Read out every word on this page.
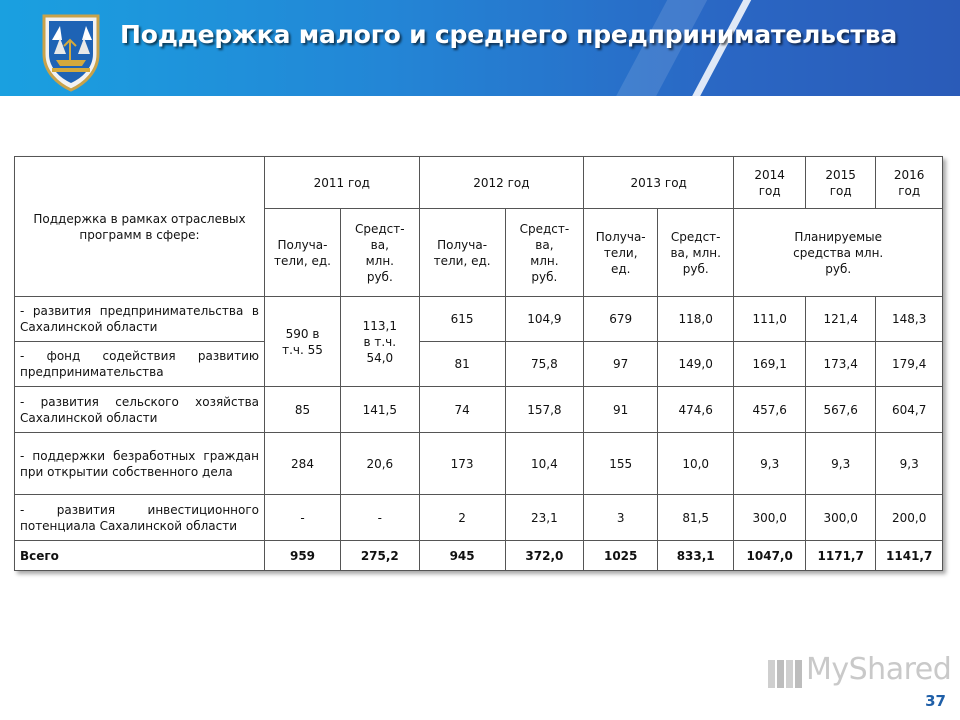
Поддержка малого и среднего предпринимательства
Поддержка в рамках отраслевых программ в сфере:	2011 год		2012 год		2013 год		2014 год	2015 год	2016 год
	Получа-тели, ед.	Средст-ва, млн. руб.	Получа-тели, ед.	Средст-ва, млн. руб.	Получа-тели, ед.	Средст-ва, млн. руб.	Планируемые средства млн. руб.		
- развития предпринимательства в Сахалинской области	590 в т.ч. 55	113,1 в т.ч. 54,0	615	104,9	679	118,0	111,0	121,4	148,3
- фонд содействия развитию предпринимательства			81	75,8	97	149,0	169,1	173,4	179,4
- развития сельского хозяйства Сахалинской области	85	141,5	74	157,8	91	474,6	457,6	567,6	604,7
- поддержки безработных граждан при открытии собственного дела	284	20,6	173	10,4	155	10,0	9,3	9,3	9,3
- развития инвестиционного потенциала Сахалинской области	-	-	2	23,1	3	81,5	300,0	300,0	200,0
Всего	959	275,2	945	372,0	1025	833,1	1047,0	1171,7	1141,7
MyShared
37
